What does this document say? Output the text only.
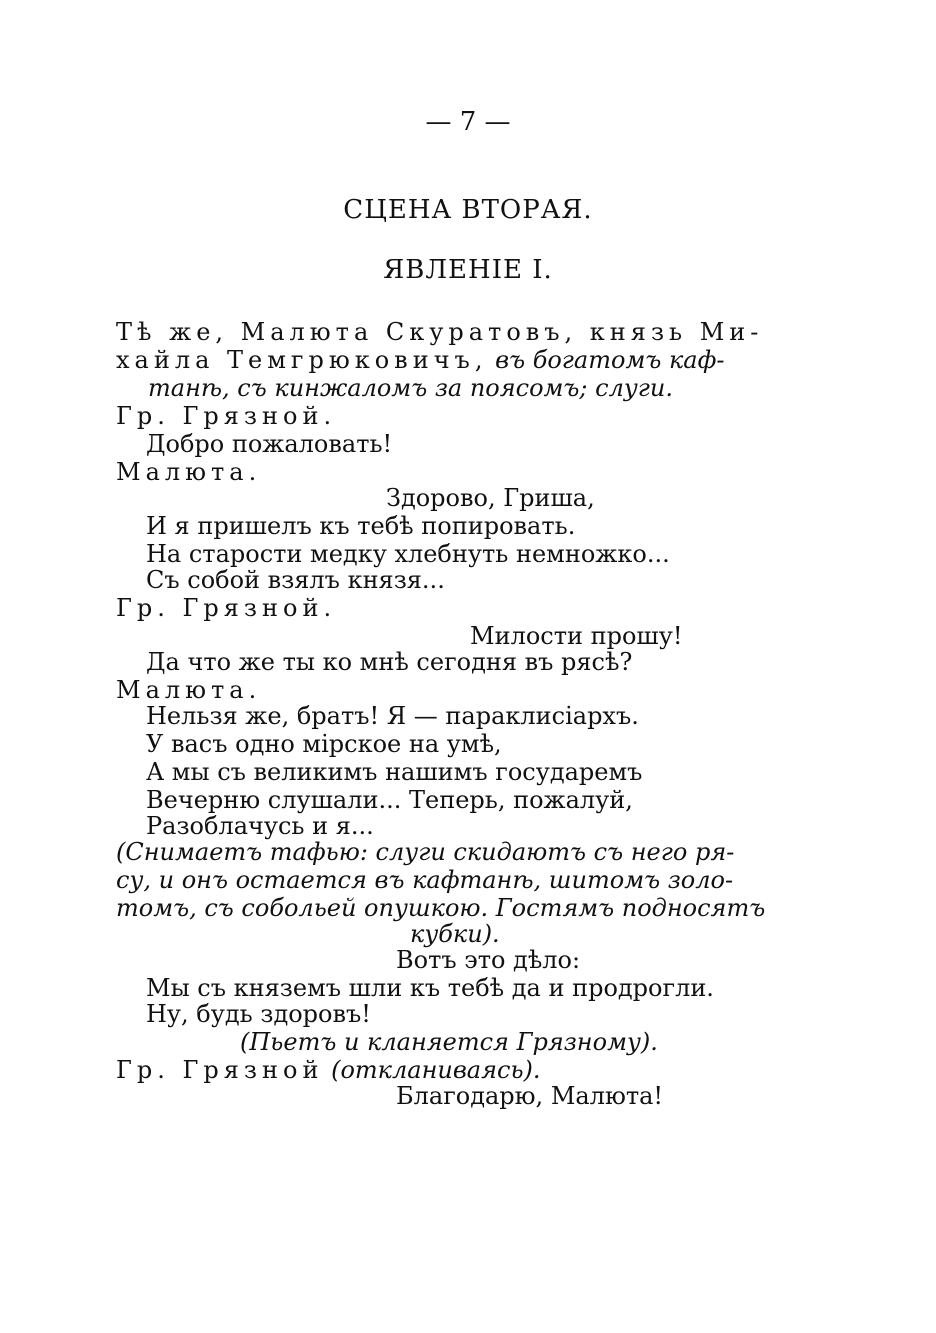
— 7 —
СЦЕНА ВТОРАЯ.
ЯВЛЕНІЕ I.
Тѣ же, Малюта Скуратовъ, князь Ми-
хайла Темгрюковичъ, въ богатомъ каф-
танѣ, съ кинжаломъ за поясомъ; слуги.
Гр. Грязной.
Добро пожаловать!
Малюта.
Здорово, Гриша,
И я пришелъ къ тебѣ попировать.
На старости медку хлебнуть немножко...
Съ собой взялъ князя...
Гр. Грязной.
Милости прошу!
Да что же ты ко мнѣ сегодня въ рясѣ?
Малюта.
Нельзя же, братъ! Я — параклисіархъ.
У васъ одно мірское на умѣ,
А мы съ великимъ нашимъ государемъ
Вечерню слушали... Теперь, пожалуй,
Разоблачусь и я...
(Снимаетъ тафью: слуги скидаютъ съ него ря-
су, и онъ остается въ кафтанѣ, шитомъ золо-
томъ, съ собольей опушкою. Гостямъ подносятъ
кубки).
Вотъ это дѣло:
Мы съ княземъ шли къ тебѣ да и продрогли.
Ну, будь здоровъ!
(Пьетъ и кланяется Грязному).
Гр. Грязной (откланиваясь).
Благодарю, Малюта!
